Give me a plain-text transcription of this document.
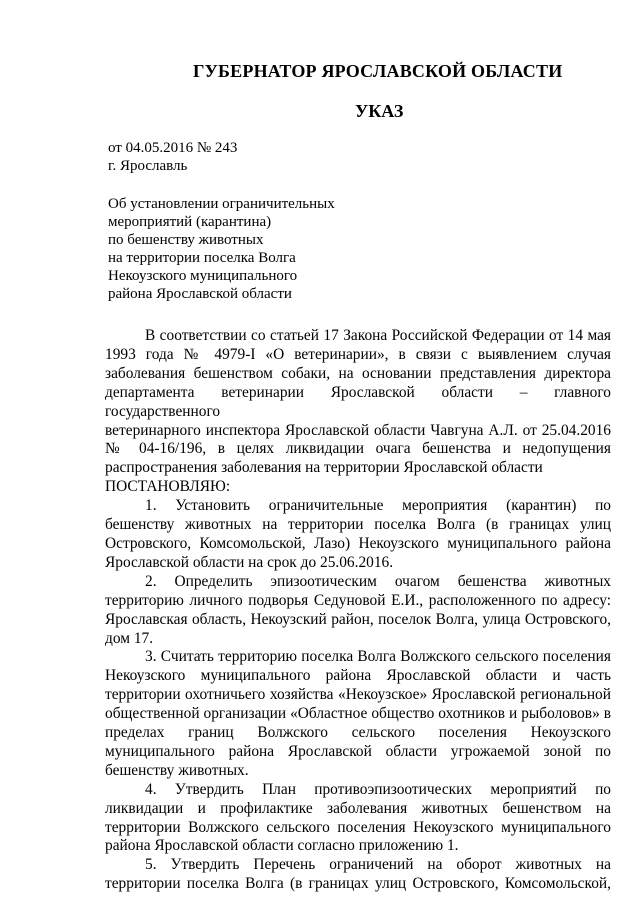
ГУБЕРНАТОР ЯРОСЛАВСКОЙ ОБЛАСТИ
УКАЗ
от 04.05.2016 № 243
г. Ярославль
Об установлении ограничительных
мероприятий (карантина)
по бешенству животных
на территории поселка Волга
Некоузского муниципального
района Ярославской области

В соответствии со статьей 17 Закона Российской Федерации от 14 мая

1993 года № 4979-I «О ветеринарии», в связи с выявлением случая

заболевания бешенством собаки, на основании представления директора

департамента ветеринарии Ярославской области – главного государственного

ветеринарного инспектора Ярославской области Чавгуна А.Л. от 25.04.2016

№ 04-16/196, в целях ликвидации очага бешенства и недопущения

распространения заболевания на территории Ярославской области

ПОСТАНОВЛЯЮ:

1. Установить ограничительные мероприятия (карантин) по

бешенству животных на территории поселка Волга (в границах улиц

Островского, Комсомольской, Лазо) Некоузского муниципального района

Ярославской области на срок до 25.06.2016.

2. Определить эпизоотическим очагом бешенства животных

территорию личного подворья Седуновой Е.И., расположенного по адресу:

Ярославская область, Некоузский район, поселок Волга, улица Островского,

дом 17.

3. Считать территорию поселка Волга Волжского сельского поселения

Некоузского муниципального района Ярославской области и часть

территории охотничьего хозяйства «Некоузское» Ярославской региональной

общественной организации «Областное общество охотников и рыболовов» в

пределах границ Волжского сельского поселения Некоузского

муниципального района Ярославской области угрожаемой зоной по

бешенству животных.

4. Утвердить План противоэпизоотических мероприятий по

ликвидации и профилактике заболевания животных бешенством на

территории Волжского сельского поселения Некоузского муниципального

района Ярославской области согласно приложению 1.

5. Утвердить Перечень ограничений на оборот животных на

территории поселка Волга (в границах улиц Островского, Комсомольской,
